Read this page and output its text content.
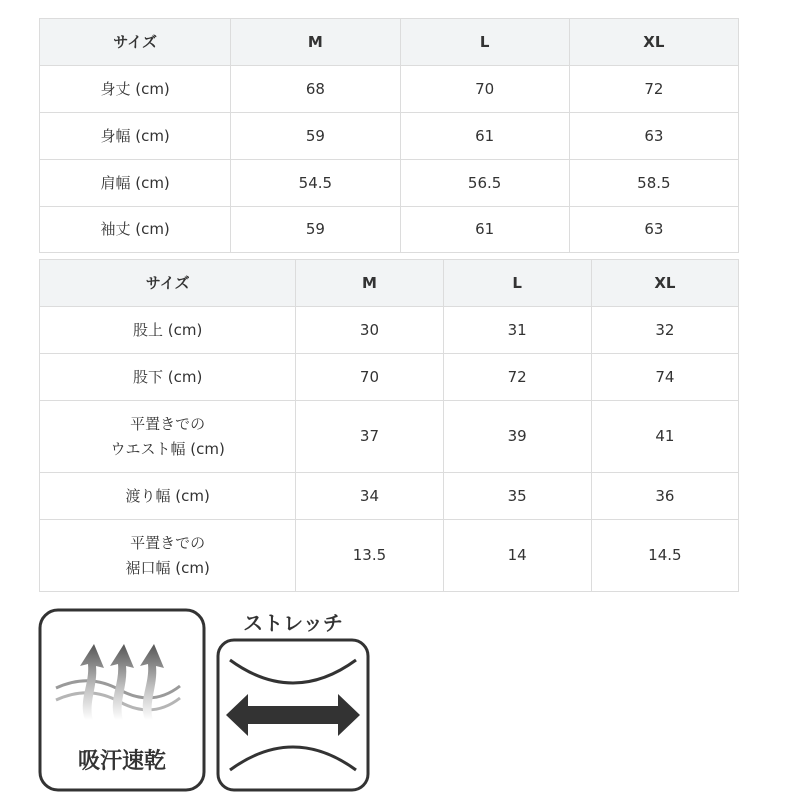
サイズ	M	L	XL

身丈 (cm)	68	70	72

身幅 (cm)	59	61	63

肩幅 (cm)	54.5	56.5	58.5

袖丈 (cm)	59	61	63
サイズ	M	L	XL

股上 (cm)	30	31	32

股下 (cm)	70	72	74

平置きでの
ウエスト幅 (cm)	37	39	41

渡り幅 (cm)	34	35	36

平置きでの
裾口幅 (cm)	13.5	14	14.5
吸汗速乾
ストレッチ
